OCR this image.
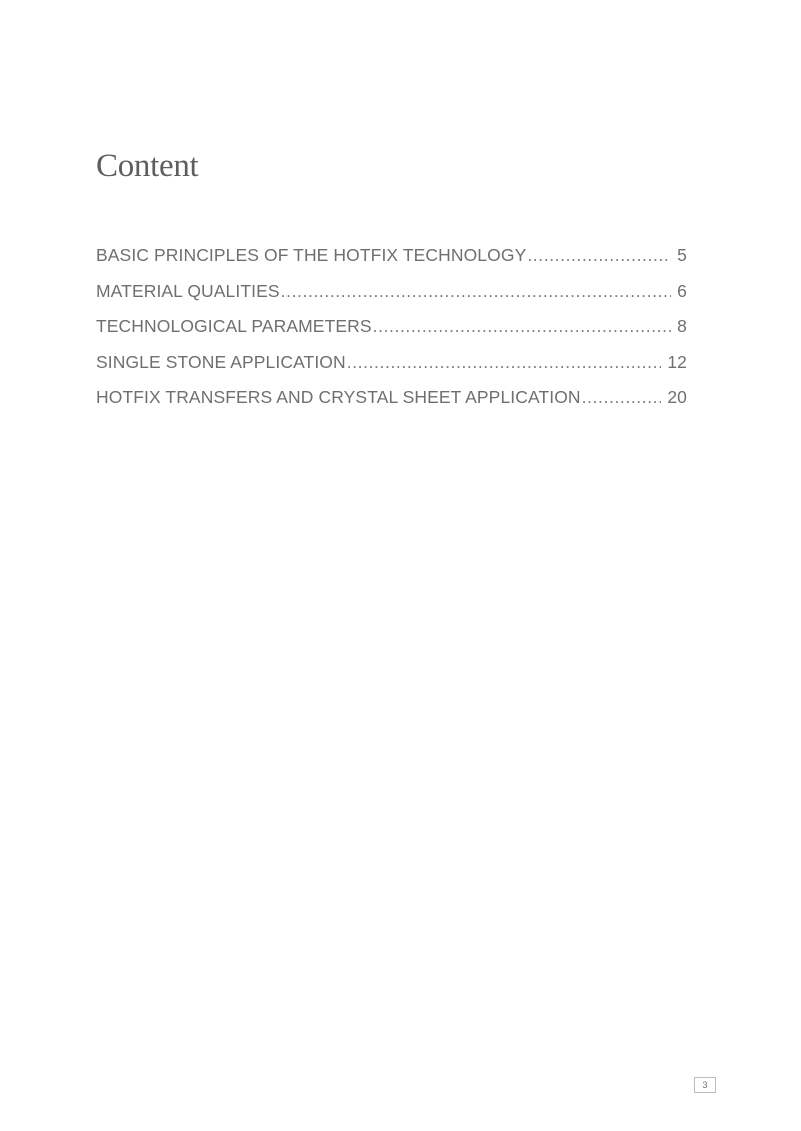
Content
BASIC PRINCIPLES OF THE HOTFIX TECHNOLOGY .....	5
MATERIAL QUALITIES .....	6
TECHNOLOGICAL PARAMETERS .....	8
SINGLE STONE APPLICATION .....	12
HOTFIX TRANSFERS AND CRYSTAL SHEET APPLICATION .....	20
3
